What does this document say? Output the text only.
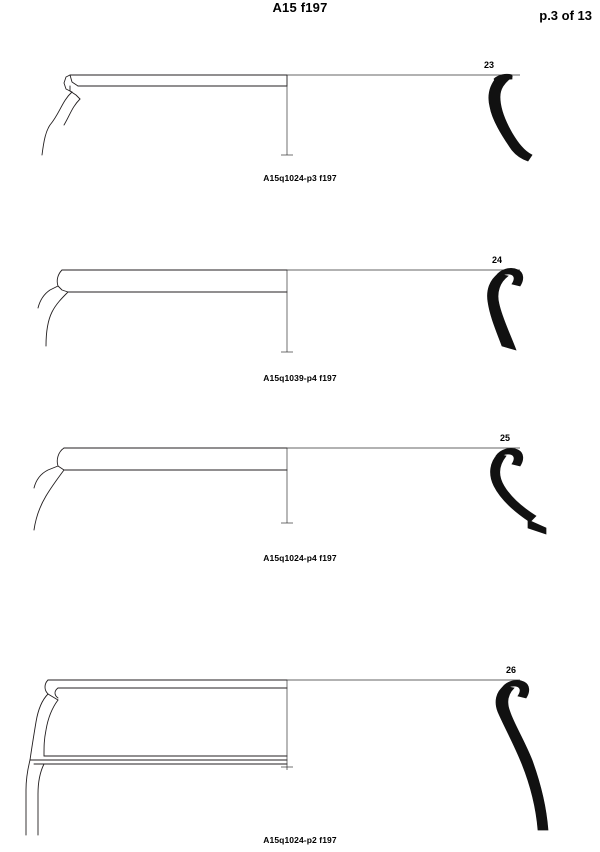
A15 f197
p.3 of 13
23
A15q1024-p3 f197
24
A15q1039-p4 f197
25
A15q1024-p4 f197
26
A15q1024-p2 f197
